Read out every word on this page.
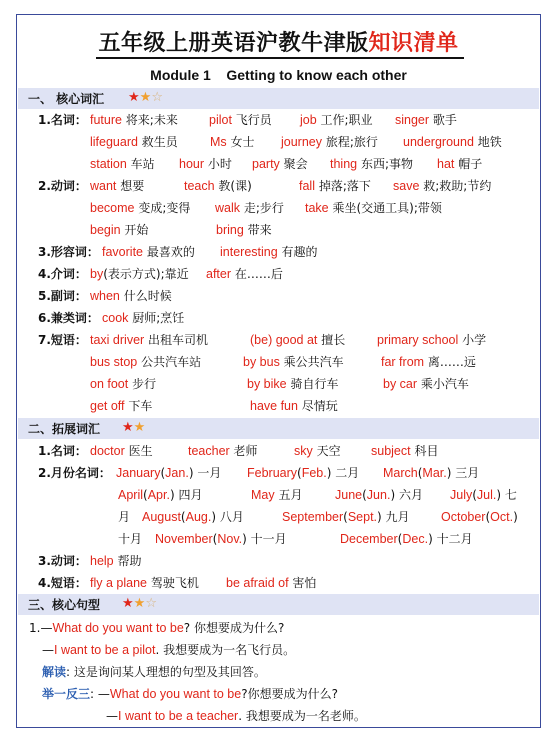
五年级上册英语沪教牛津版知识清单
Module 1    Getting to know each other
一、 核心词汇 ★★☆
1.名词： future 将来;未来 pilot 飞行员 job 工作;职业 singer 歌手
lifeguard 救生员	Ms 女士 journey 旅程;旅行 underground 地铁
station 车站 hour 小时 party 聚会 thing 东西;事物 hat 帽子
2.动词： want 想要	teach 教(课)	fall 掉落;落下 save 救;救助;节约
become 变成;变得 walk 走;步行 take 乘坐(交通工具);带领
begin 开始	bring 带来
3.形容词： favorite 最喜欢的 interesting 有趣的
4.介词： by(表示方式);靠近 after 在……后
5.副词： when 什么时候
6.兼类词： cook 厨师;烹饪
7.短语： taxi driver 出租车司机	(be) good at 擅长	primary school 小学
bus stop 公共汽车站	by bus 乘公共汽车	far from 离……远
on foot 步行	by bike 骑自行车	by car 乘小汽车
get off 下车	have fun 尽情玩
二、拓展词汇 ★★
1.名词： doctor 医生	teacher 老师	sky 天空 subject 科目
2.月份名词： January(Jan.) 一月 February(Feb.) 二月 March(Mar.) 三月
April(Apr.) 四月	May 五月	June(Jun.) 六月 July(Jul.) 七
月 August(Aug.) 八月	September(Sept.) 九月	October(Oct.)
十月 November(Nov.) 十一月	December(Dec.) 十二月
3.动词： help 帮助
4.短语： fly a plane 驾驶飞机 be afraid of 害怕
三、核心句型 ★★☆
1.—What do you want to be? 你想要成为什么?
—I want to be a pilot. 我想要成为一名飞行员。
解读: 这是询问某人理想的句型及其回答。
举一反三: —What do you want to be?你想要成为什么?
—I want to be a teacher. 我想要成为一名老师。
